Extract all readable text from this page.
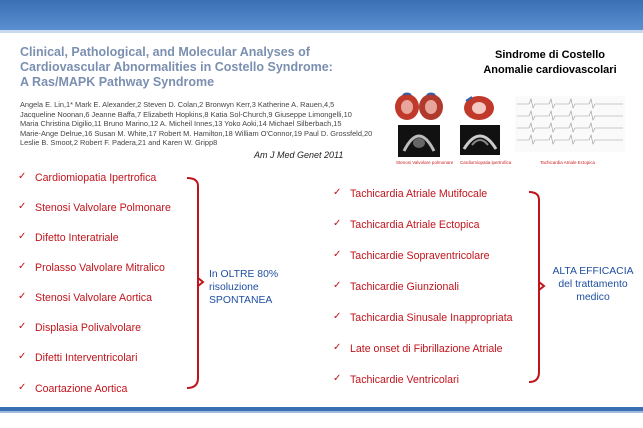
Clinical, Pathological, and Molecular Analyses of
Cardiovascular Abnormalities in Costello Syndrome:
A Ras/MAPK Pathway Syndrome
Angela E. Lin,1* Mark E. Alexander,2 Steven D. Colan,2 Bronwyn Kerr,3 Katherine A. Rauen,4,5
Jacqueline Noonan,6 Jeanne Baffa,7 Elizabeth Hopkins,8 Katia Sol-Church,9 Giuseppe Limongelli,10
Maria Christina Digilio,11 Bruno Marino,12 A. Micheil Innes,13 Yoko Aoki,14 Michael Silberbach,15
Marie-Ange Delrue,16 Susan M. White,17 Robert M. Hamilton,18 William O'Connor,19 Paul D. Grossfeld,20
Leslie B. Smoot,2 Robert F. Padera,21 and Karen W. Gripp8
Am J Med Genet 2011
Sindrome di Costello
Anomalie cardiovascolari
Stenosi Valvolare polmonare Cardiomiopatia ipertrofica	Tachicardia Atriale Ectopica
✓ Cardiomiopatia Ipertrofica
✓ Stenosi Valvolare Polmonare
✓ Difetto Interatriale
✓ Prolasso Valvolare Mitralico
✓ Stenosi Valvolare Aortica
✓ Displasia Polivalvolare
✓ Difetti Interventricolari
✓ Coartazione Aortica
✓ Tachicardia Atriale Mutifocale
✓ Tachicardia Atriale Ectopica
✓ Tachicardie Sopraventricolare
✓ Tachicardie Giunzionali
✓ Tachicardia Sinusale Inappropriata
✓ Late onset di Fibrillazione Atriale
✓ Tachicardie Ventricolari
In OLTRE 80%
risoluzione
SPONTANEA
ALTA EFFICACIA
del trattamento
medico
